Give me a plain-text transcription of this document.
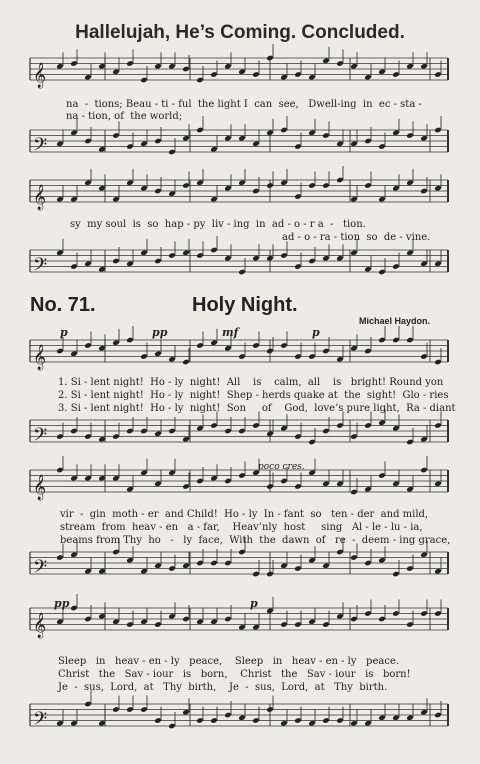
Hallelujah, He’s Coming. Concluded.
𝄞
𝄢
𝄞
𝄢
𝄞
𝄢
𝄞
𝄢
𝄞
𝄢
na  -  tions; Beau - ti - ful  the light I  can  see,   Dwell-ing  in  ec - sta -
na - tion, of  the world;
sy  my soul  is  so  hap - py  liv - ing  in  ad - o - r a  -   tion.
ad - o - ra - tion  so  de - vine.
No. 71.	Holy Night.
Michael Haydon.
p	pp	mf	p
poco cres.
pp	p
1. Si - lent night!  Ho - ly  night!  All    is    calm,  all    is   bright! Round yon
2. Si - lent night!  Ho - ly  night!  Shep - herds quake at  the  sight!  Glo - ries
3. Si - lent night!  Ho - ly  night!  Son     of    God,  love’s pure light,  Ra - diant
vir  -  gin  moth - er  and Child!  Ho - ly  In - fant  so   ten - der  and mild,
stream  from  heav - en   a - far,    Heav’nly  host     sing   Al - le - lu - ia,
beams from Thy  ho   -   ly  face,  With  the  dawn  of   re  -  deem - ing grace,
Sleep   in   heav - en - ly   peace,    Sleep   in   heav - en - ly   peace.
Christ   the   Sav - iour   is   born,    Christ   the   Sav - iour   is   born!
Je  -  sus,  Lord,  at   Thy  birth,    Je  -  sus,  Lord,  at   Thy  birth.
